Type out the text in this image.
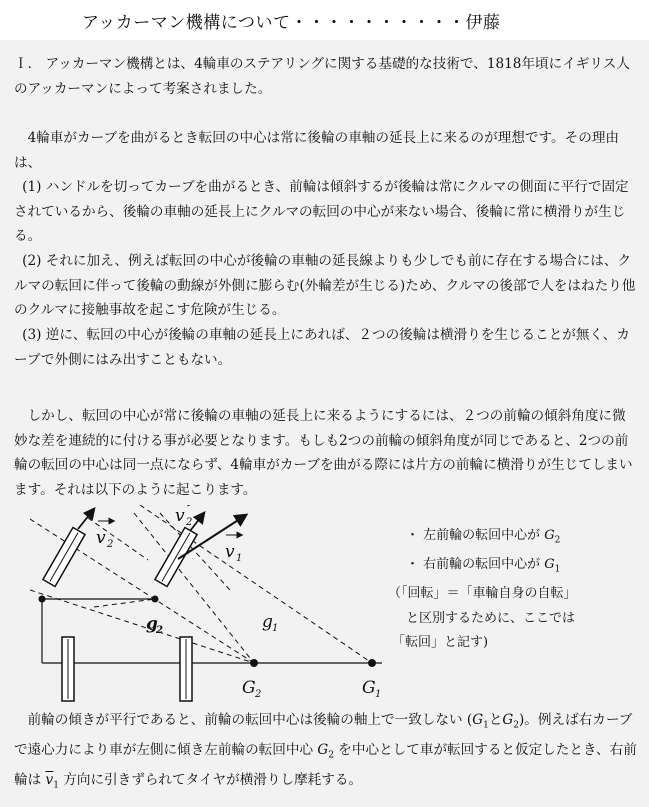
アッカーマン機構について・・・・・・・・・・伊藤

Ｉ． アッカーマン機構とは、4輪車のステアリングに関する基礎的な技術で、1818年頃にイギリス人のアッカーマンによって考案されました。

4輪車がカーブを曲がるとき転回の中心は常に後輪の車軸の延長上に来るのが理想です。その理由は、

(1) ハンドルを切ってカーブを曲がるとき、前輪は傾斜するが後輪は常にクルマの側面に平行で固定されているから、後輪の車軸の延長上にクルマの転回の中心が来ない場合、後輪に常に横滑りが生じる。

(2) それに加え、例えば転回の中心が後輪の車軸の延長線よりも少しでも前に存在する場合には、クルマの転回に伴って後輪の動線が外側に膨らむ(外輪差が生じる)ため、クルマの後部で人をはねたり他のクルマに接触事故を起こす危険が生じる。

(3) 逆に、転回の中心が後輪の車軸の延長上にあれば、２つの後輪は横滑りを生じることが無く、カーブで外側にはみ出すこともない。

しかし、転回の中心が常に後輪の車軸の延長上に来るようにするには、２つの前輪の傾斜角度に微妙な差を連続的に付ける事が必要となります。もしも2つの前輪の傾斜角度が同じであると、2つの前輪の転回の中心は同一点にならず、4輪車がカーブを曲がる際には片方の前輪に横滑りが生じてしまいます。それは以下のように起こります。

v 2
v 2
v 1
g
2	g 1
G 2	G 1
・ 左前輪の転回中心が $G_2$
・ 右前輪の転回中心が $G_1$
（「回転」＝「車輪自身の自転」
と区別するために、ここでは
「転回」と記す)

前輪の傾きが平行であると、前輪の転回中心は後輪の軸上で一致しない ($G_1$と$G_2$)。例えば右カーブで遠心力により車が左側に傾き左前輪の転回中心 $G_2$ を中心として車が転回すると仮定したとき、右前輪は $\overline{v}_1$ 方向に引きずられてタイヤが横滑りし摩耗する。
